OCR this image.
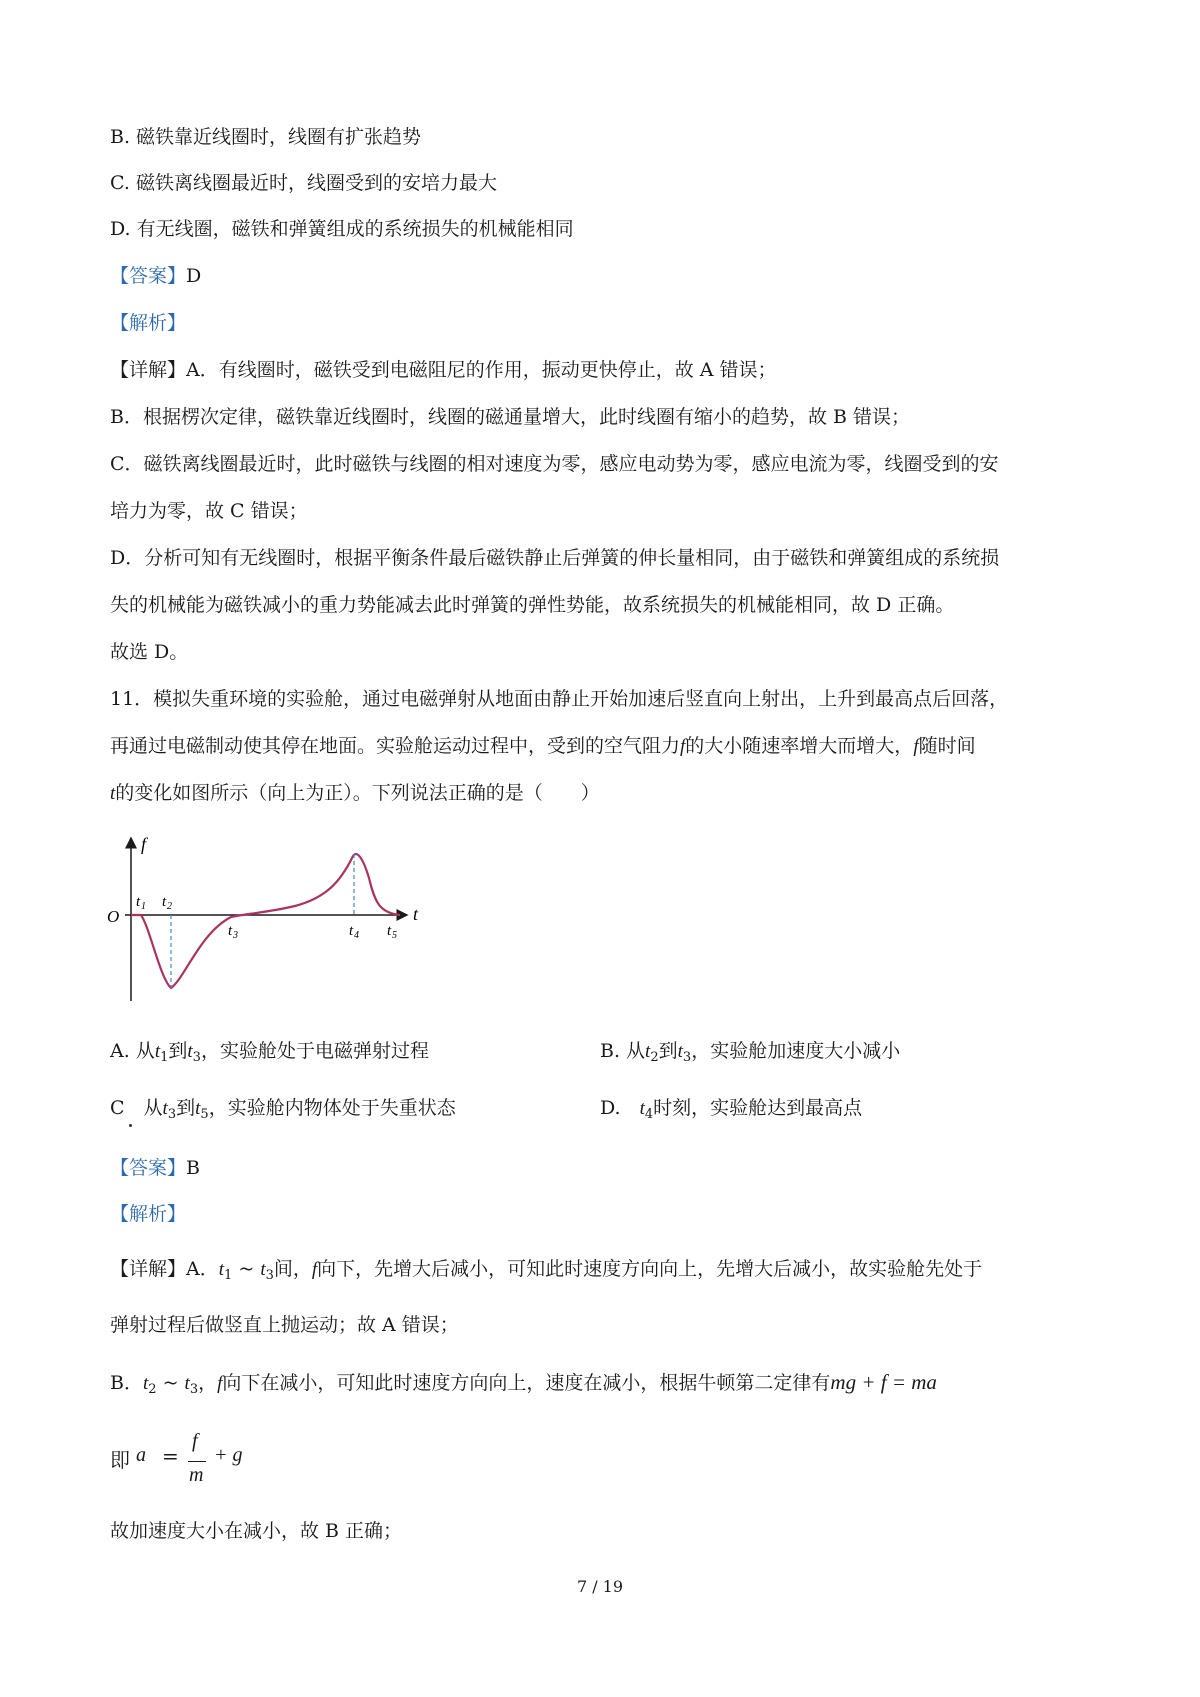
B. 磁铁靠近线圈时，线圈有扩张趋势
C. 磁铁离线圈最近时，线圈受到的安培力最大
D. 有无线圈，磁铁和弹簧组成的系统损失的机械能相同
【答案】D
【解析】
【详解】A．有线圈时，磁铁受到电磁阻尼的作用，振动更快停止，故 A 错误；
B．根据楞次定律，磁铁靠近线圈时，线圈的磁通量增大，此时线圈有缩小的趋势，故 B 错误；
C．磁铁离线圈最近时，此时磁铁与线圈的相对速度为零，感应电动势为零，感应电流为零，线圈受到的安
培力为零，故 C 错误；
D．分析可知有无线圈时，根据平衡条件最后磁铁静止后弹簧的伸长量相同，由于磁铁和弹簧组成的系统损
失的机械能为磁铁减小的重力势能减去此时弹簧的弹性势能，故系统损失的机械能相同，故 D 正确。
故选 D。
11．模拟失重环境的实验舱，通过电磁弹射从地面由静止开始加速后竖直向上射出，上升到最高点后回落，
再通过电磁制动使其停在地面。实验舱运动过程中，受到的空气阻力f的大小随速率增大而增大，f随时间
t的变化如图所示（向上为正）。下列说法正确的是（　　）
f
t
O
t 1 t 2
t 3	t 4 t 5
A. 从$t_1$到$t_3$，实验舱处于电磁弹射过程	B. 从$t_2$到$t_3$，实验舱加速度大小减小
C　从$t_3$到$t_5$，实验舱内物体处于失重状态	D.　$t_4$时刻，实验舱达到最高点
【答案】B
【解析】
【详解】A．$t_1$ ~ $t_3$间，f向下，先增大后减小，可知此时速度方向向上，先增大后减小，故实验舱先处于
弹射过程后做竖直上抛运动；故 A 错误；
B．$t_2$ ~ $t_3$，f向下在减小，可知此时速度方向向上，速度在减小，根据牛顿第二定律有mg + f = ma
即 a =
f
m
+ g
故加速度大小在减小，故 B 正确；
7 / 19
